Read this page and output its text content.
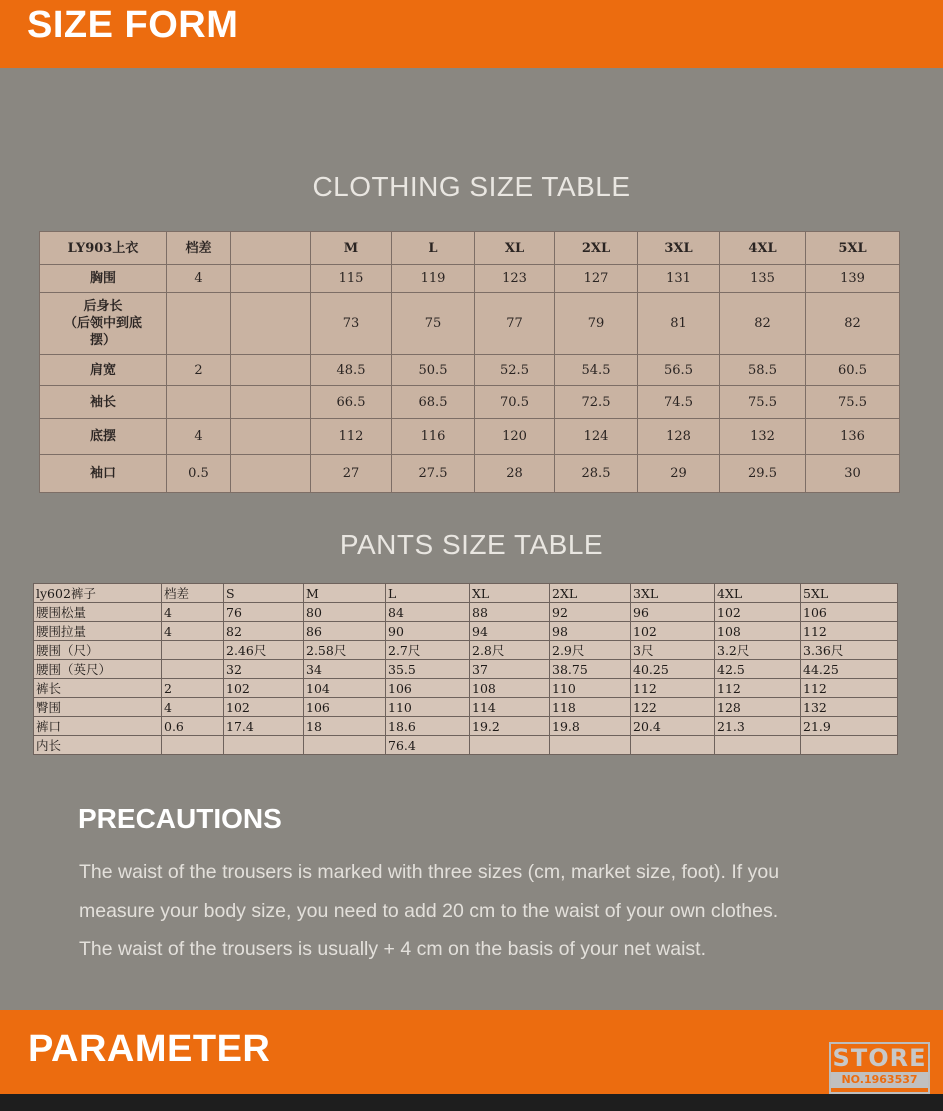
SIZE FORM
CLOTHING SIZE TABLE
LY903上衣	档差		M	L	XL	2XL	3XL	4XL	5XL
胸围	4		115	119	123	127	131	135	139
后身长
（后领中到底
摆）			73	75	77	79	81	82	82
肩宽	2		48.5	50.5	52.5	54.5	56.5	58.5	60.5
袖长			66.5	68.5	70.5	72.5	74.5	75.5	75.5
底摆	4		112	116	120	124	128	132	136
袖口	0.5		27	27.5	28	28.5	29	29.5	30
PANTS SIZE TABLE
ly602裤子	档差	S	M	L	XL	2XL	3XL	4XL	5XL
腰围松量	4	76	80	84	88	92	96	102	106
腰围拉量	4	82	86	90	94	98	102	108	112
腰围（尺）		2.46尺	2.58尺	2.7尺	2.8尺	2.9尺	3尺	3.2尺	3.36尺
腰围（英尺）		32	34	35.5	37	38.75	40.25	42.5	44.25
裤长	2	102	104	106	108	110	112	112	112
臀围	4	102	106	110	114	118	122	128	132
裤口	0.6	17.4	18	18.6	19.2	19.8	20.4	21.3	21.9
内长				76.4					
PRECAUTIONS
The waist of the trousers is marked with three sizes (cm, market size, foot). If you
measure your body size, you need to add 20 cm to the waist of your own clothes.
The waist of the trousers is usually + 4 cm on the basis of your net waist.
PARAMETER	STORE
NO.1963537
